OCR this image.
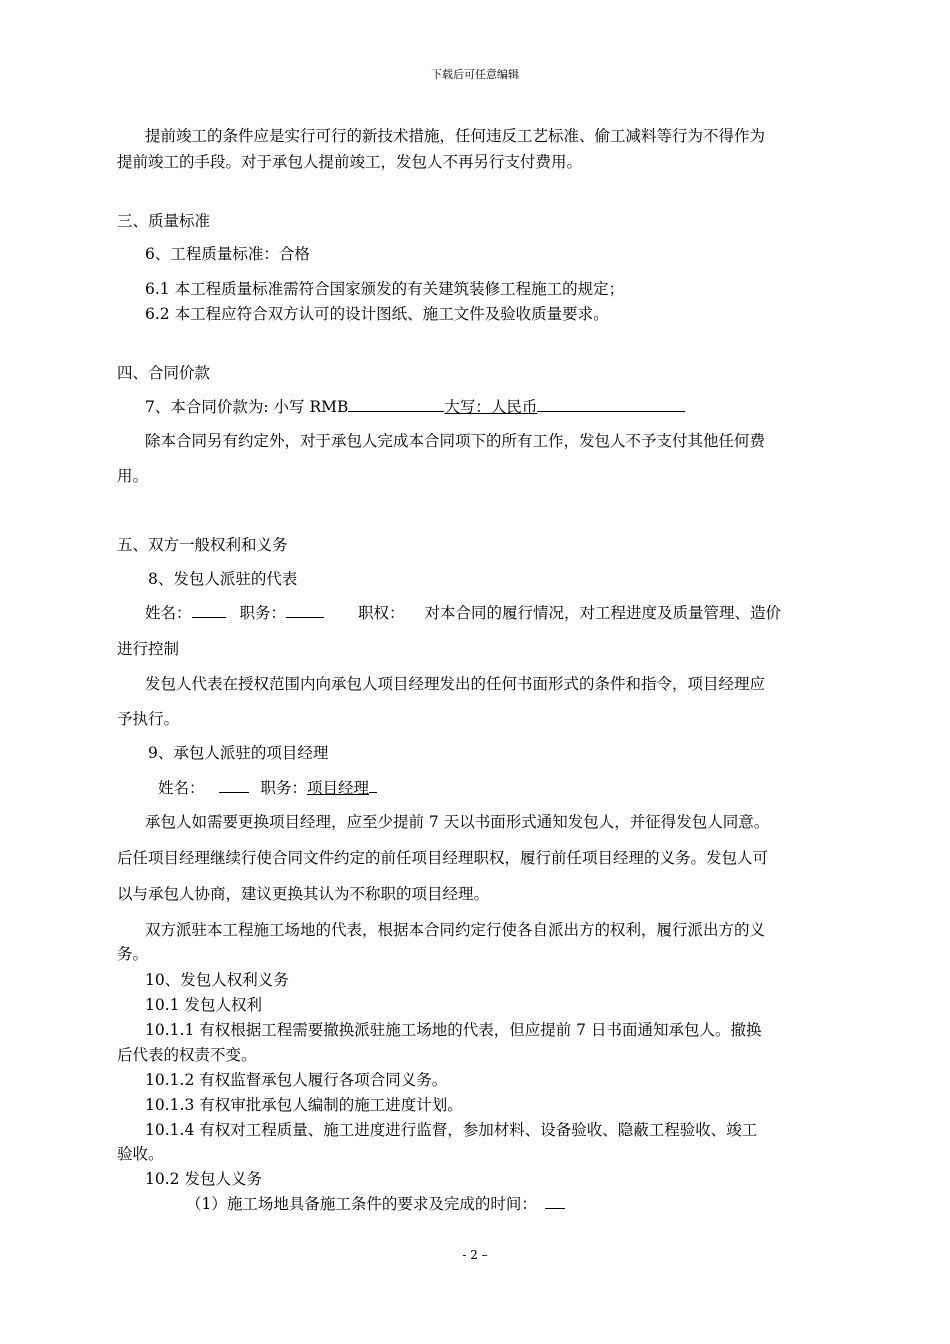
下载后可任意编辑
提前竣工的条件应是实行可行的新技术措施，任何违反工艺标准、偷工减料等行为不得作为
提前竣工的手段。对于承包人提前竣工，发包人不再另行支付费用。
三、质量标准
6、工程质量标准：合格
6.1 本工程质量标准需符合国家颁发的有关建筑装修工程施工的规定；
6.2 本工程应符合双方认可的设计图纸、施工文件及验收质量要求。
四、合同价款
7、本合同价款为: 小写 RMB	大写：人民币
除本合同另有约定外，对于承包人完成本合同项下的所有工作，发包人不予支付其他任何费
用。
五、双方一般权利和义务
8、发包人派驻的代表
姓名：	职务：	职权： 对本合同的履行情况，对工程进度及质量管理、造价
进行控制
发包人代表在授权范围内向承包人项目经理发出的任何书面形式的条件和指令，项目经理应
予执行。
9、承包人派驻的项目经理
姓名：	职务：项目经理
承包人如需要更换项目经理，应至少提前 7 天以书面形式通知发包人，并征得发包人同意。
后任项目经理继续行使合同文件约定的前任项目经理职权，履行前任项目经理的义务。发包人可
以与承包人协商，建议更换其认为不称职的项目经理。
双方派驻本工程施工场地的代表，根据本合同约定行使各自派出方的权利，履行派出方的义
务。
10、发包人权利义务
10.1 发包人权利
10.1.1 有权根据工程需要撤换派驻施工场地的代表，但应提前 7 日书面通知承包人。撤换
后代表的权责不变。
10.1.2 有权监督承包人履行各项合同义务。
10.1.3 有权审批承包人编制的施工进度计划。
10.1.4 有权对工程质量、施工进度进行监督，参加材料、设备验收、隐蔽工程验收、竣工
验收。
10.2 发包人义务
（1）施工场地具备施工条件的要求及完成的时间：
- 2 –
